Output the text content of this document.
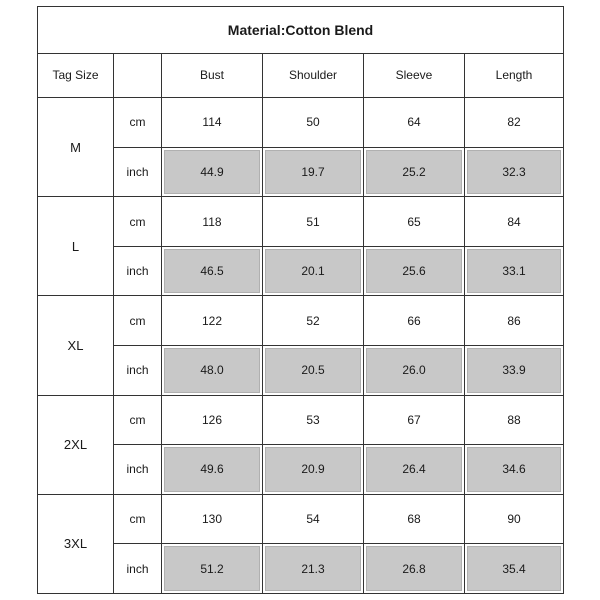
Material:Cotton Blend					
Tag Size		Bust	Shoulder	Sleeve	Length
M	cm	114	50	64	82
	inch	44.9	19.7	25.2	32.3

L	cm	118	51	65	84
	inch	46.5	20.1	25.6	33.1

XL	cm	122	52	66	86
	inch	48.0	20.5	26.0	33.9

2XL	cm	126	53	67	88
	inch	49.6	20.9	26.4	34.6

3XL	cm	130	54	68	90
	inch	51.2	21.3	26.8	35.4
